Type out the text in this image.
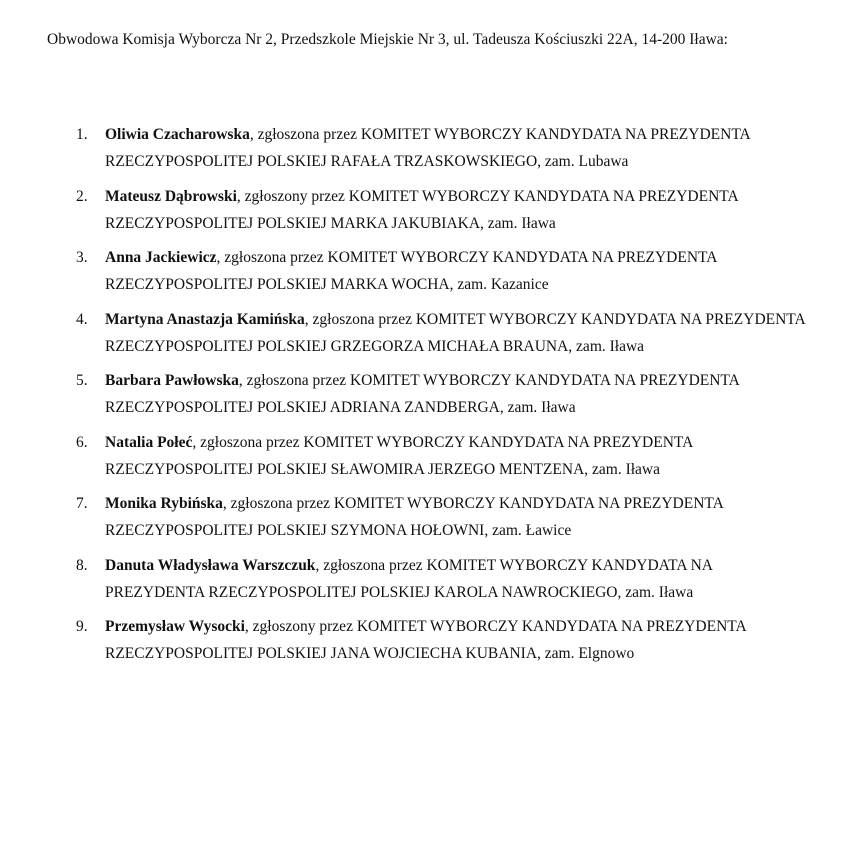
Obwodowa Komisja Wyborcza Nr 2, Przedszkole Miejskie Nr 3, ul. Tadeusza Kościuszki 22A, 14-200 Iława:

1. Oliwia Czacharowska, zgłoszona przez KOMITET WYBORCZY KANDYDATA NA PREZYDENTA RZECZYPOSPOLITEJ POLSKIEJ RAFAŁA TRZASKOWSKIEGO, zam. Lubawa
2. Mateusz Dąbrowski, zgłoszony przez KOMITET WYBORCZY KANDYDATA NA PREZYDENTA RZECZYPOSPOLITEJ POLSKIEJ MARKA JAKUBIAKA, zam. Iława
3. Anna Jackiewicz, zgłoszona przez KOMITET WYBORCZY KANDYDATA NA PREZYDENTA RZECZYPOSPOLITEJ POLSKIEJ MARKA WOCHA, zam. Kazanice
4. Martyna Anastazja Kamińska, zgłoszona przez KOMITET WYBORCZY KANDYDATA NA PREZYDENTA RZECZYPOSPOLITEJ POLSKIEJ GRZEGORZA MICHAŁA BRAUNA, zam. Iława
5. Barbara Pawłowska, zgłoszona przez KOMITET WYBORCZY KANDYDATA NA PREZYDENTA RZECZYPOSPOLITEJ POLSKIEJ ADRIANA ZANDBERGA, zam. Iława
6. Natalia Połeć, zgłoszona przez KOMITET WYBORCZY KANDYDATA NA PREZYDENTA RZECZYPOSPOLITEJ POLSKIEJ SŁAWOMIRA JERZEGO MENTZENA, zam. Iława
7. Monika Rybińska, zgłoszona przez KOMITET WYBORCZY KANDYDATA NA PREZYDENTA RZECZYPOSPOLITEJ POLSKIEJ SZYMONA HOŁOWNI, zam. Ławice
8. Danuta Władysława Warszczuk, zgłoszona przez KOMITET WYBORCZY KANDYDATA NA PREZYDENTA RZECZYPOSPOLITEJ POLSKIEJ KAROLA NAWROCKIEGO, zam. Iława
9. Przemysław Wysocki, zgłoszony przez KOMITET WYBORCZY KANDYDATA NA PREZYDENTA RZECZYPOSPOLITEJ POLSKIEJ JANA WOJCIECHA KUBANIA, zam. Elgnowo
